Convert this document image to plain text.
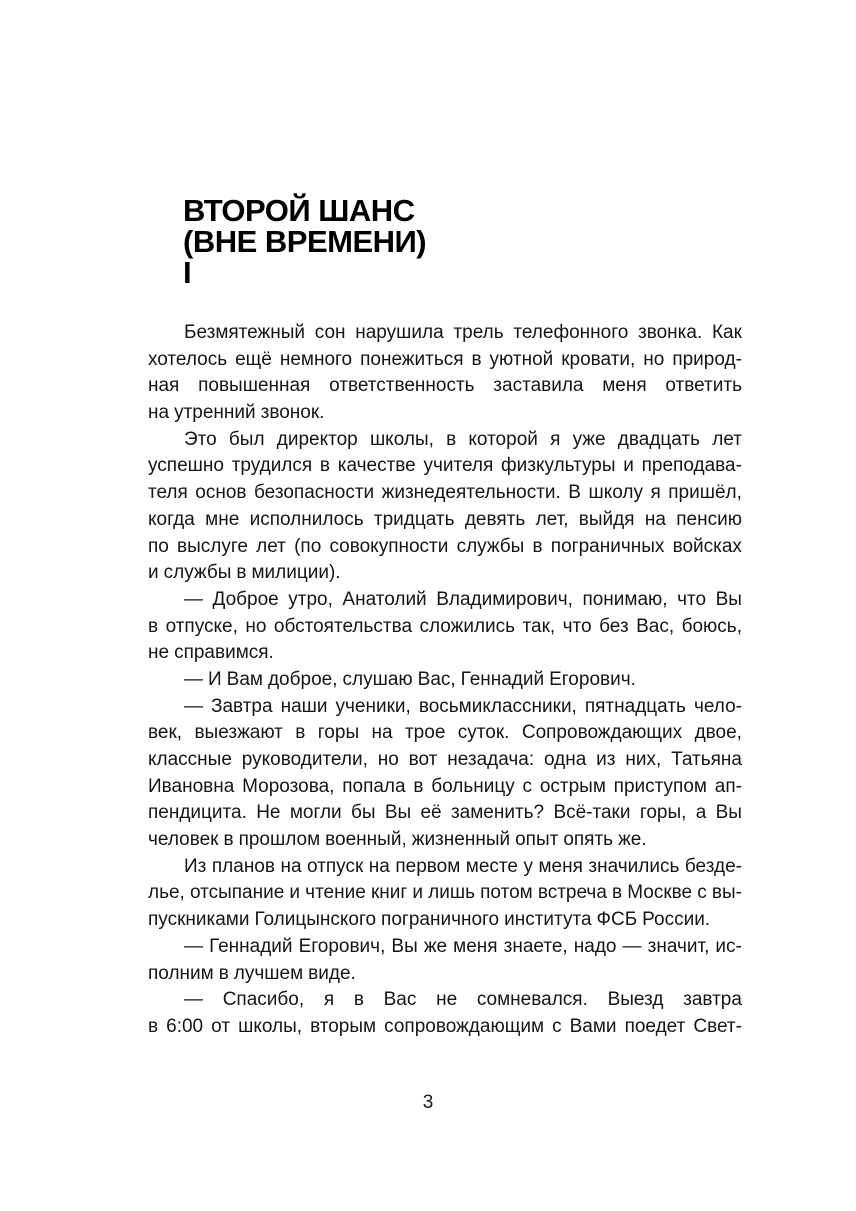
ВТОРОЙ ШАНС
(ВНЕ ВРЕМЕНИ)
I
Безмятежный сон нарушила трель телефонного звонка. Как
хотелось ещё немного понежиться в уютной кровати, но природ-
ная повышенная ответственность заставила меня ответить
на утренний звонок.
Это был директор школы, в которой я уже двадцать лет
успешно трудился в качестве учителя физкультуры и преподава-
теля основ безопасности жизнедеятельности. В школу я пришёл,
когда мне исполнилось тридцать девять лет, выйдя на пенсию
по выслуге лет (по совокупности службы в пограничных войсках
и службы в милиции).
— Доброе утро, Анатолий Владимирович, понимаю, что Вы
в отпуске, но обстоятельства сложились так, что без Вас, боюсь,
не справимся.
— И Вам доброе, слушаю Вас, Геннадий Егорович.
— Завтра наши ученики, восьмиклассники, пятнадцать чело-
век, выезжают в горы на трое суток. Сопровождающих двое,
классные руководители, но вот незадача: одна из них, Татьяна
Ивановна Морозова, попала в больницу с острым приступом ап-
пендицита. Не могли бы Вы её заменить? Всё-таки горы, а Вы
человек в прошлом военный, жизненный опыт опять же.
Из планов на отпуск на первом месте у меня значились безде-
лье, отсыпание и чтение книг и лишь потом встреча в Москве с вы-
пускниками Голицынского пограничного института ФСБ России.
— Геннадий Егорович, Вы же меня знаете, надо — значит, ис-
полним в лучшем виде.
— Спасибо, я в Вас не сомневался. Выезд завтра
в 6:00 от школы, вторым сопровождающим с Вами поедет Свет-
3
